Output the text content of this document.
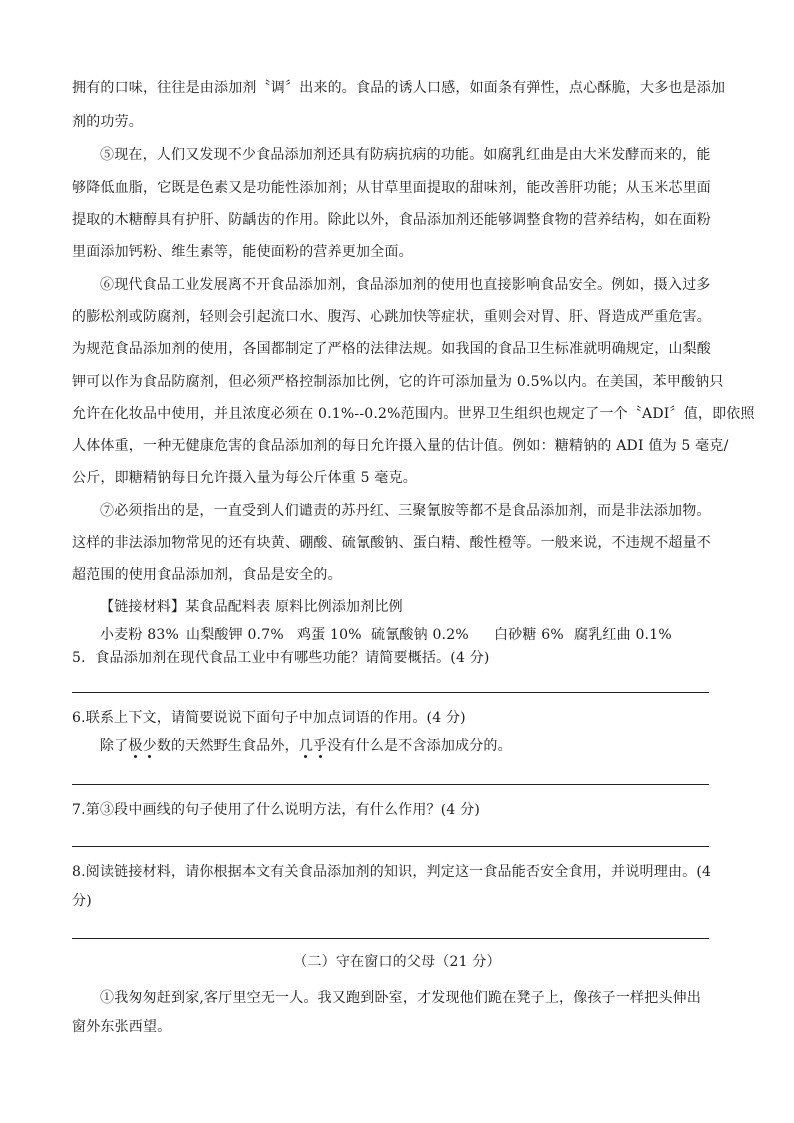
拥有的口味，往往是由添加剂〝调〞出来的。食品的诱人口感，如面条有弹性，点心酥脆，大多也是添加
剂的功劳。
⑤现在，人们又发现不少食品添加剂还具有防病抗病的功能。如腐乳红曲是由大米发酵而来的，能
够降低血脂，它既是色素又是功能性添加剂；从甘草里面提取的甜味剂，能改善肝功能；从玉米芯里面
提取的木糖醇具有护肝、防龋齿的作用。除此以外，食品添加剂还能够调整食物的营养结构，如在面粉
里面添加钙粉、维生素等，能使面粉的营养更加全面。
⑥现代食品工业发展离不开食品添加剂，食品添加剂的使用也直接影响食品安全。例如，摄入过多
的膨松剂或防腐剂，轻则会引起流口水、腹泻、心跳加快等症状，重则会对胃、肝、肾造成严重危害。
为规范食品添加剂的使用，各国都制定了严格的法律法规。如我国的食品卫生标准就明确规定，山梨酸
钾可以作为食品防腐剂，但必须严格控制添加比例，它的许可添加量为 0.5%以内。在美国，苯甲酸钠只
允许在化妆品中使用，并且浓度必须在 0.1%--0.2%范围内。世界卫生组织也规定了一个〝ADI〞值，即依照
人体体重，一种无健康危害的食品添加剂的每日允许摄入量的估计值。例如：糖精钠的 ADI 值为 5 毫克/
公斤，即糖精钠每日允许摄入量为每公斤体重 5 毫克。
⑦必须指出的是，一直受到人们谴责的苏丹红、三聚氰胺等都不是食品添加剂，而是非法添加物。
这样的非法添加物常见的还有块黄、硼酸、硫氰酸钠、蛋白精、酸性橙等。一般来说，不违规不超量不
超范围的使用食品添加剂，食品是安全的。
【链接材料】某食品配料表 原料比例添加剂比例
小麦粉 83% 山梨酸钾 0.7% 鸡蛋 10% 硫氰酸钠 0.2% 白砂糖 6% 腐乳红曲 0.1%
5．食品添加剂在现代食品工业中有哪些功能？请简要概括。(4 分)
6.联系上下文，请简要说说下面句子中加点词语的作用。(4 分)
除了极少数的天然野生食品外，几乎没有什么是不含添加成分的。
7.第③段中画线的句子使用了什么说明方法，有什么作用？(4 分)
8.阅读链接材料，请你根据本文有关食品添加剂的知识，判定这一食品能否安全食用，并说明理由。(4
分)
（二）守在窗口的父母（21 分）
①我匆匆赶到家,客厅里空无一人。我又跑到卧室，才发现他们跪在凳子上，像孩子一样把头伸出
窗外东张西望。
